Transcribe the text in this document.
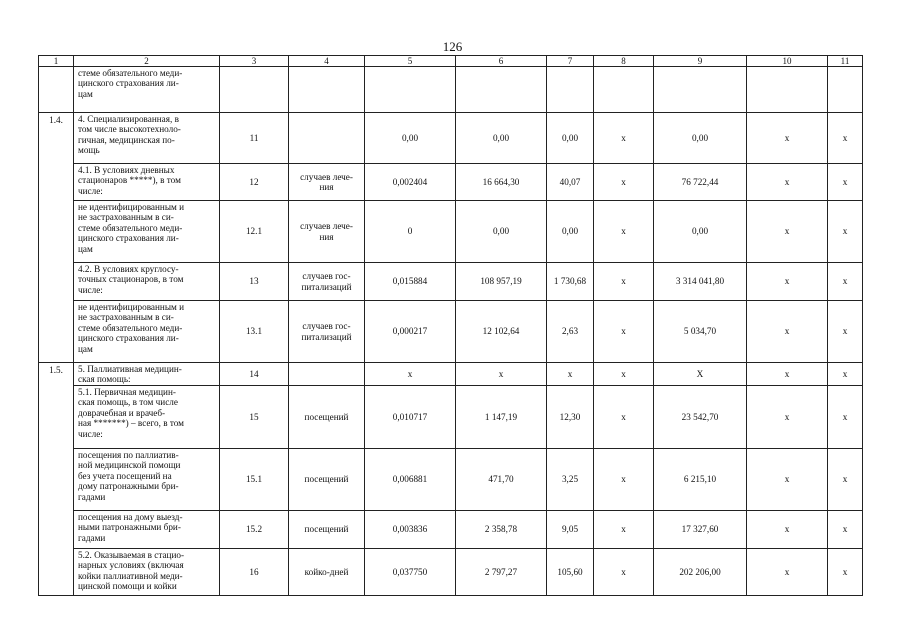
126
1	2	3	4	5	6	7	8	9	10	11
	стеме обязательного меди-
цинского страхования ли-
цам									
1.4.	4. Специализированная, в
том числе высокотехноло-
гичная, медицинская по-
мощь	11		0,00	0,00	0,00	х	0,00	х	х
	4.1. В условиях дневных
стационаров *****), в том
числе:	12	случаев лече-
ния	0,002404	16 664,30	40,07	х	76 722,44	х	х
	не идентифицированным и
не застрахованным в си-
стеме обязательного меди-
цинского страхования ли-
цам	12.1	случаев лече-
ния	0	0,00	0,00	х	0,00	х	х
	4.2. В условиях круглосу-
точных стационаров, в том
числе:	13	случаев гос-
питализаций	0,015884	108 957,19	1 730,68	х	3 314 041,80	х	х
	не идентифицированным и
не застрахованным в си-
стеме обязательного меди-
цинского страхования ли-
цам	13.1	случаев гос-
питализаций	0,000217	12 102,64	2,63	х	5 034,70	х	х
1.5.	5. Паллиативная медицин-
ская помощь:	14		х	х	х	х	X	х	х
	5.1. Первичная медицин-
ская помощь, в том числе
доврачебная и врачеб-
ная *******) – всего, в том
числе:	15	посещений	0,010717	1 147,19	12,30	х	23 542,70	х	х
	посещения по паллиатив-
ной медицинской помощи
без учета посещений на
дому патронажными бри-
гадами	15.1	посещений	0,006881	471,70	3,25	х	6 215,10	х	х
	посещения на дому выезд-
ными патронажными бри-
гадами	15.2	посещений	0,003836	2 358,78	9,05	х	17 327,60	х	х
	5.2. Оказываемая в стацио-
нарных условиях (включая
койки паллиативной меди-
цинской помощи и койки	16	койко-дней	0,037750	2 797,27	105,60	х	202 206,00	х	х
